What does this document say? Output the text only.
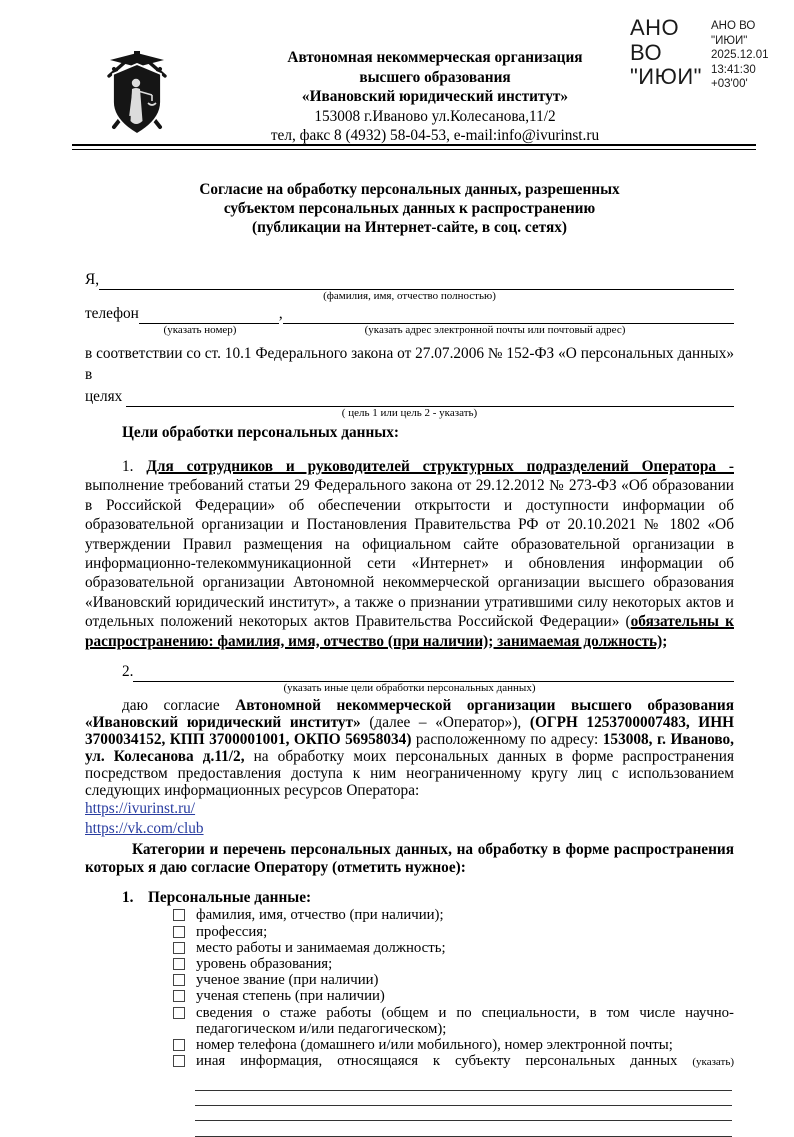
Автономная некоммерческая организация
высшего образования
«Ивановский юридический институт»
153008 г.Иваново ул.Колесанова,11/2
тел, факс 8 (4932) 58-04-53, e-mail:info@ivurinst.ru
АНО
ВО
"ИЮИ"
АНО ВО
"ИЮИ"
2025.12.01
13:41:30
+03'00'
Согласие на обработку персональных данных, разрешенных
субъектом персональных данных к распространению
(публикации на Интернет-сайте, в соц. сетях)
Я,
(фамилия, имя, отчество полностью)
телефон	,
(указать номер)	(указать адрес электронной почты или почтовый адрес)
в соответствии со ст. 10.1 Федерального закона от 27.07.2006 № 152-ФЗ «О персональных данных» в
целях

( цель 1 или цель 2 - указать)
Цели обработки персональных данных:

1. Для сотрудников и руководителей структурных подразделений Оператора - выполнение требований статьи 29 Федерального закона от 29.12.2012 № 273-ФЗ «Об образовании в Российской Федерации» об обеспечении открытости и доступности информации об образовательной организации и Постановления Правительства РФ от 20.10.2021 № 1802 «Об утверждении Правил размещения на официальном сайте образовательной организации в информационно-телекоммуникационной сети «Интернет» и обновления информации об образовательной организации Автономной некоммерческой организации высшего образования «Ивановский юридический институт», а также о признании утратившими силу некоторых актов и отдельных положений некоторых актов Правительства Российской Федерации» (обязательны к распространению: фамилия, имя, отчество (при наличии); занимаемая должность);

2.
(указать иные цели обработки персональных данных)

даю согласие Автономной некоммерческой организации высшего образования «Ивановский юридический институт» (далее – «Оператор»), (ОГРН 1253700007483, ИНН 3700034152, КПП 3700001001, ОКПО 56958034) расположенному по адресу: 153008, г. Иваново, ул. Колесанова д.11/2, на обработку моих персональных данных в форме распространения посредством предоставления доступа к ним неограниченному кругу лиц с использованием следующих информационных ресурсов Оператора:

https://ivurinst.ru/
https://vk.com/club

Категории и перечень персональных данных, на обработку в форме распространения которых я даю согласие Оператору (отметить нужное):

1. Персональные данные:
фамилия, имя, отчество (при наличии);
профессия;
место работы и занимаемая должность;
уровень образования;
ученое звание (при наличии)
ученая степень (при наличии)
сведения о стаже работы (общем и по специальности, в том числе научно-педагогическом и/или педагогическом);
номер телефона (домашнего и/или мобильного), номер электронной почты;
иная информация, относящаяся к субъекту персональных данных (указать)
